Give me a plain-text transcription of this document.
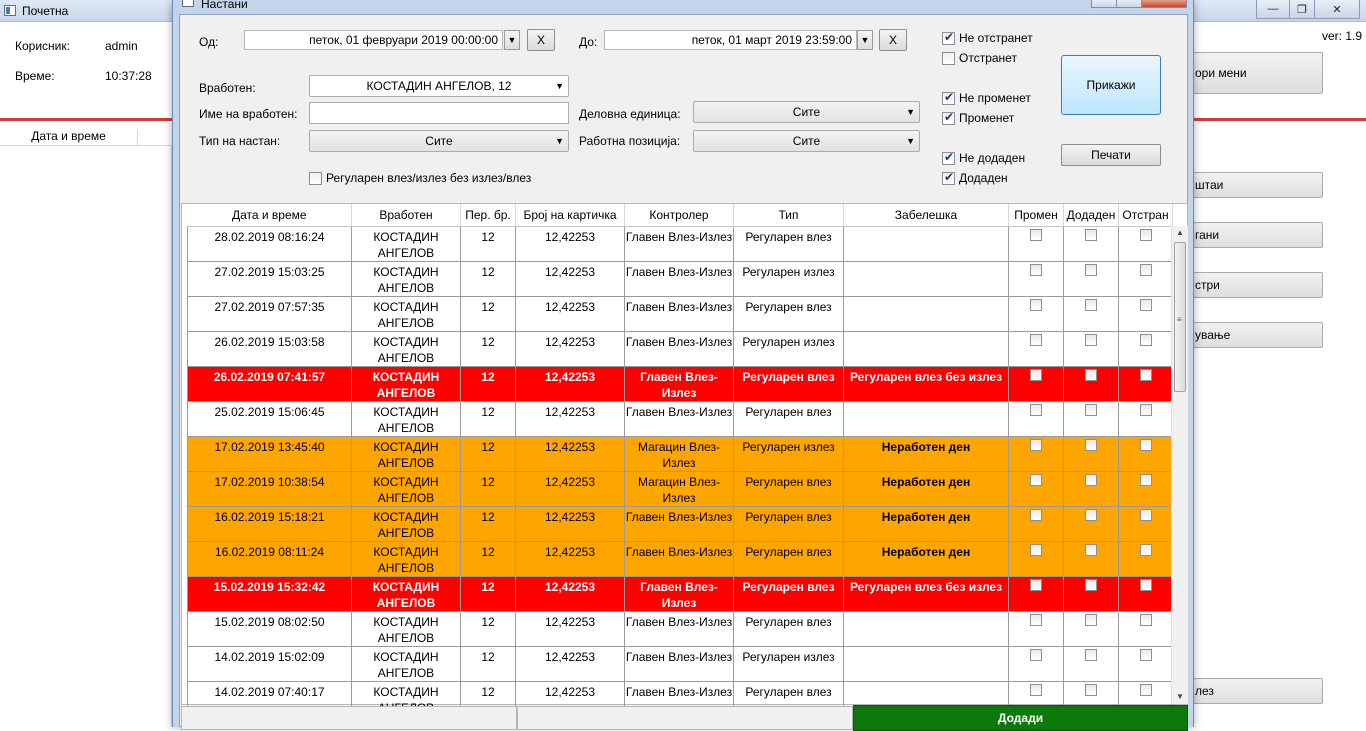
Почетна	—	❐	✕
Корисник:	admin
Време:	10:37:28
ver: 1.9
Дата и време
ори мени
штаи
гани
стри
ување
лез
Настани
Од:	петок, 01 февруари 2019 00:00:00	▼	X	До:	петок, 01 март 2019 23:59:00 ▼	X
Вработен:	КОСТАДИН АНГЕЛОВ, 12	▼
Име на вработен:
Тип на настан:	Сите	▼
Деловна единица:	Сите	▼
Работна позиција:	Сите	▼
Регуларен влез/излез без излез/влез
✔
Не отстранет
Отстранет
✔
Не променет
✔
Променет
✔
Не додаден
✔
Додаден
Прикажи
Печати
Дата и време	Вработен	Пер. бр.	Број на картичка	Контролер	Тип	Забелешка	Промен	Додаден	Отстран
28.02.2019 08:16:24	КОСТАДИН АНГЕЛОВ	12	12,42253	Главен Влез-Излез	Регуларен влез				
27.02.2019 15:03:25	КОСТАДИН АНГЕЛОВ	12	12,42253	Главен Влез-Излез	Регуларен излез				
27.02.2019 07:57:35	КОСТАДИН АНГЕЛОВ	12	12,42253	Главен Влез-Излез	Регуларен влез				
26.02.2019 15:03:58	КОСТАДИН АНГЕЛОВ	12	12,42253	Главен Влез-Излез	Регуларен излез				
26.02.2019 07:41:57	КОСТАДИН АНГЕЛОВ	12	12,42253	Главен Влез-Излез	Регуларен влез	Регуларен влез без излез			
25.02.2019 15:06:45	КОСТАДИН АНГЕЛОВ	12	12,42253	Главен Влез-Излез	Регуларен влез				
17.02.2019 13:45:40	КОСТАДИН АНГЕЛОВ	12	12,42253	Магацин Влез-Излез	Регуларен излез	Неработен ден			
17.02.2019 10:38:54	КОСТАДИН АНГЕЛОВ	12	12,42253	Магацин Влез-Излез	Регуларен влез	Неработен ден			
16.02.2019 15:18:21	КОСТАДИН АНГЕЛОВ	12	12,42253	Главен Влез-Излез	Регуларен влез	Неработен ден			
16.02.2019 08:11:24	КОСТАДИН АНГЕЛОВ	12	12,42253	Главен Влез-Излез	Регуларен влез	Неработен ден			
15.02.2019 15:32:42	КОСТАДИН АНГЕЛОВ	12	12,42253	Главен Влез-Излез	Регуларен влез	Регуларен влез без излез			
15.02.2019 08:02:50	КОСТАДИН АНГЕЛОВ	12	12,42253	Главен Влез-Излез	Регуларен влез				
14.02.2019 15:02:09	КОСТАДИН АНГЕЛОВ	12	12,42253	Главен Влез-Излез	Регуларен излез				
14.02.2019 07:40:17	КОСТАДИН	12	12,42253	Главен Влез-Излез	Регуларен влез				
▲
≡
▼
Додади
